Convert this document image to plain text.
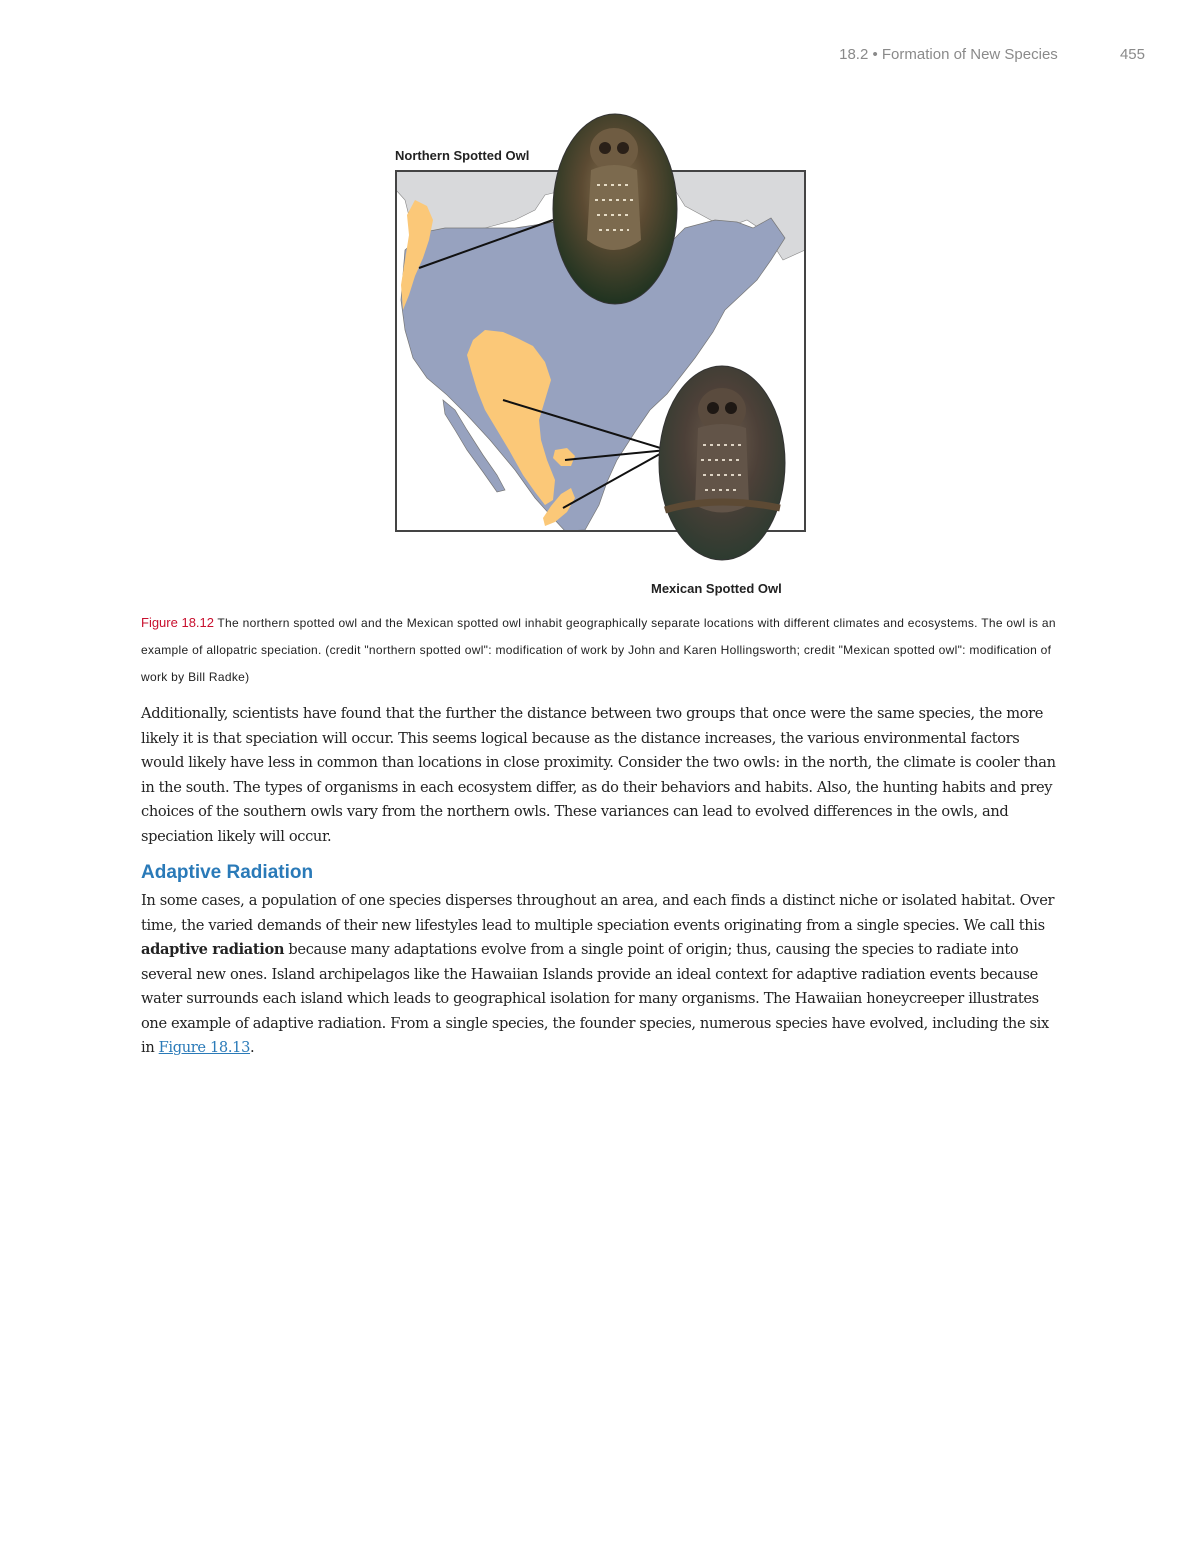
18.2 • Formation of New Species	455
Northern Spotted Owl
Mexican Spotted Owl
Figure 18.12 The northern spotted owl and the Mexican spotted owl inhabit geographically separate locations with different climates and ecosystems. The owl is an example of allopatric speciation. (credit "northern spotted owl": modification of work by John and Karen Hollingsworth; credit "Mexican spotted owl": modification of work by Bill Radke)
Additionally, scientists have found that the further the distance between two groups that once were the same species, the more likely it is that speciation will occur. This seems logical because as the distance increases, the various environmental factors would likely have less in common than locations in close proximity. Consider the two owls: in the north, the climate is cooler than in the south. The types of organisms in each ecosystem differ, as do their behaviors and habits. Also, the hunting habits and prey choices of the southern owls vary from the northern owls. These variances can lead to evolved differences in the owls, and speciation likely will occur.
Adaptive Radiation
In some cases, a population of one species disperses throughout an area, and each finds a distinct niche or isolated habitat. Over time, the varied demands of their new lifestyles lead to multiple speciation events originating from a single species. We call this adaptive radiation because many adaptations evolve from a single point of origin; thus, causing the species to radiate into several new ones. Island archipelagos like the Hawaiian Islands provide an ideal context for adaptive radiation events because water surrounds each island which leads to geographical isolation for many organisms. The Hawaiian honeycreeper illustrates one example of adaptive radiation. From a single species, the founder species, numerous species have evolved, including the six in Figure 18.13.
